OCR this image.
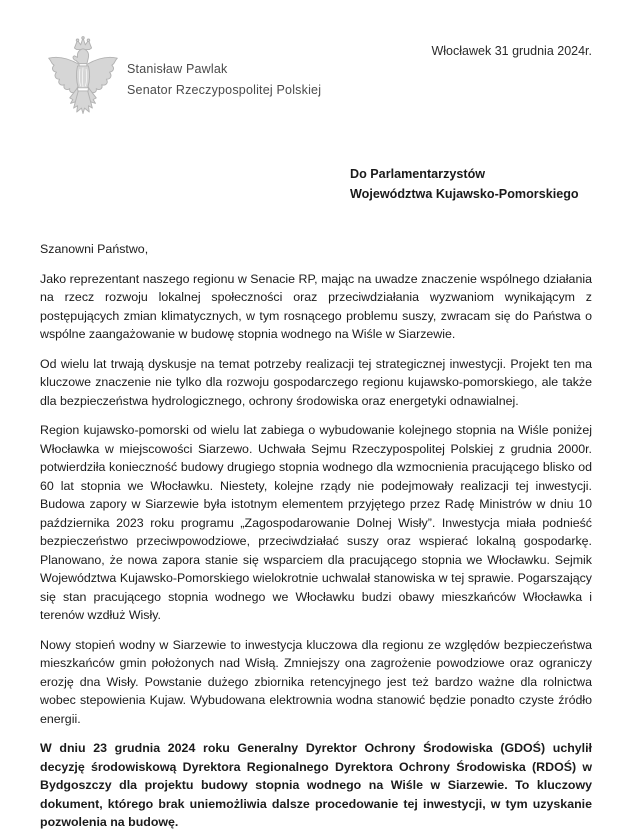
Stanisław Pawlak
Senator Rzeczypospolitej Polskiej
Włocławek 31 grudnia 2024r.
Do Parlamentarzystów
Województwa Kujawsko-Pomorskiego

Szanowni Państwo,

Jako reprezentant naszego regionu w Senacie RP, mając na uwadze znaczenie wspólnego działania na rzecz rozwoju lokalnej społeczności oraz przeciwdziałania wyzwaniom wynikającym z postępujących zmian klimatycznych, w tym rosnącego problemu suszy, zwracam się do Państwa o wspólne zaangażowanie w budowę stopnia wodnego na Wiśle w Siarzewie.

Od wielu lat trwają dyskusje na temat potrzeby realizacji tej strategicznej inwestycji. Projekt ten ma kluczowe znaczenie nie tylko dla rozwoju gospodarczego regionu kujawsko-pomorskiego, ale także dla bezpieczeństwa hydrologicznego, ochrony środowiska oraz energetyki odnawialnej.

Region kujawsko-pomorski od wielu lat zabiega o wybudowanie kolejnego stopnia na Wiśle poniżej Włocławka w miejscowości Siarzewo. Uchwała Sejmu Rzeczypospolitej Polskiej z grudnia 2000r. potwierdziła konieczność budowy drugiego stopnia wodnego dla wzmocnienia pracującego blisko od 60 lat stopnia we Włocławku. Niestety, kolejne rządy nie podejmowały realizacji tej inwestycji. Budowa zapory w Siarzewie była istotnym elementem przyjętego przez Radę Ministrów w dniu 10 października 2023 roku programu „Zagospodarowanie Dolnej Wisły”. Inwestycja miała podnieść bezpieczeństwo przeciwpowodziowe, przeciwdziałać suszy oraz wspierać lokalną gospodarkę. Planowano, że nowa zapora stanie się wsparciem dla pracującego stopnia we Włocławku. Sejmik Województwa Kujawsko-Pomorskiego wielokrotnie uchwalał stanowiska w tej sprawie. Pogarszający się stan pracującego stopnia wodnego we Włocławku budzi obawy mieszkańców Włocławka i terenów wzdłuż Wisły.

Nowy stopień wodny w Siarzewie to inwestycja kluczowa dla regionu ze względów bezpieczeństwa mieszkańców gmin położonych nad Wisłą. Zmniejszy ona zagrożenie powodziowe oraz ograniczy erozję dna Wisły. Powstanie dużego zbiornika retencyjnego jest też bardzo ważne dla rolnictwa wobec stepowienia Kujaw. Wybudowana elektrownia wodna stanowić będzie ponadto czyste źródło energii.

W dniu 23 grudnia 2024 roku Generalny Dyrektor Ochrony Środowiska (GDOŚ) uchylił decyzję środowiskową Dyrektora Regionalnego Dyrektora Ochrony Środowiska (RDOŚ) w Bydgoszczy dla projektu budowy stopnia wodnego na Wiśle w Siarzewie. To kluczowy dokument, którego brak uniemożliwia dalsze procedowanie tej inwestycji, w tym uzyskanie pozwolenia na budowę.
